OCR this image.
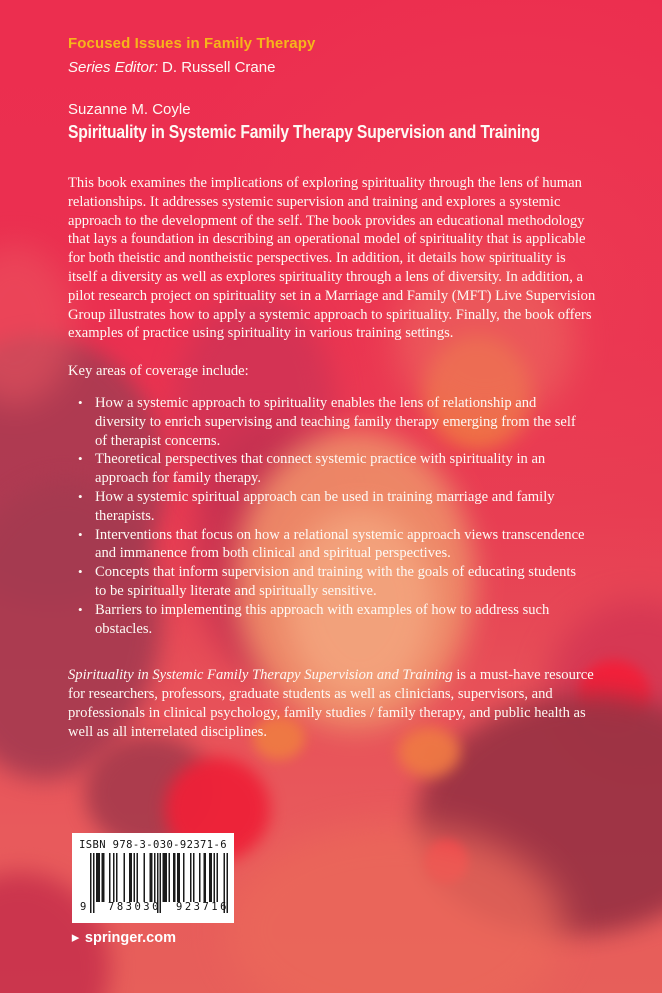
Focused Issues in Family Therapy
Series Editor: D. Russell Crane
Suzanne M. Coyle
Spirituality in Systemic Family Therapy Supervision and Training

This book examines the implications of exploring spirituality through the lens of human relationships. It addresses systemic supervision and training and explores a systemic approach to the development of the self. The book provides an educational methodology that lays a foundation in describing an operational model of spirituality that is applicable for both theistic and nontheistic perspectives. In addition, it details how spirituality is itself a diversity as well as explores spirituality through a lens of diversity. In addition, a pilot research project on spirituality set in a Marriage and Family (MFT) Live Supervision Group illustrates how to apply a systemic approach to spirituality. Finally, the book offers examples of practice using spirituality in various training settings.

Key areas of coverage include:

• How a systemic approach to spirituality enables the lens of relationship and diversity to enrich supervising and teaching family therapy emerging from the self of therapist concerns.
• Theoretical perspectives that connect systemic practice with spirituality in an approach for family therapy.
• How a systemic spiritual approach can be used in training marriage and family therapists.
• Interventions that focus on how a relational systemic approach views transcendence and immanence from both clinical and spiritual perspectives.
• Concepts that inform supervision and training with the goals of educating students to be spiritually literate and spiritually sensitive.
• Barriers to implementing this approach with examples of how to address such obstacles.

Spirituality in Systemic Family Therapy Supervision and Training is a must-have resource for researchers, professors, graduate students as well as clinicians, supervisors, and professionals in clinical psychology, family studies / family therapy, and public health as well as all interrelated disciplines.

ISBN 978-3-030-92371-6
9 783030 923716
▶ springer.com
